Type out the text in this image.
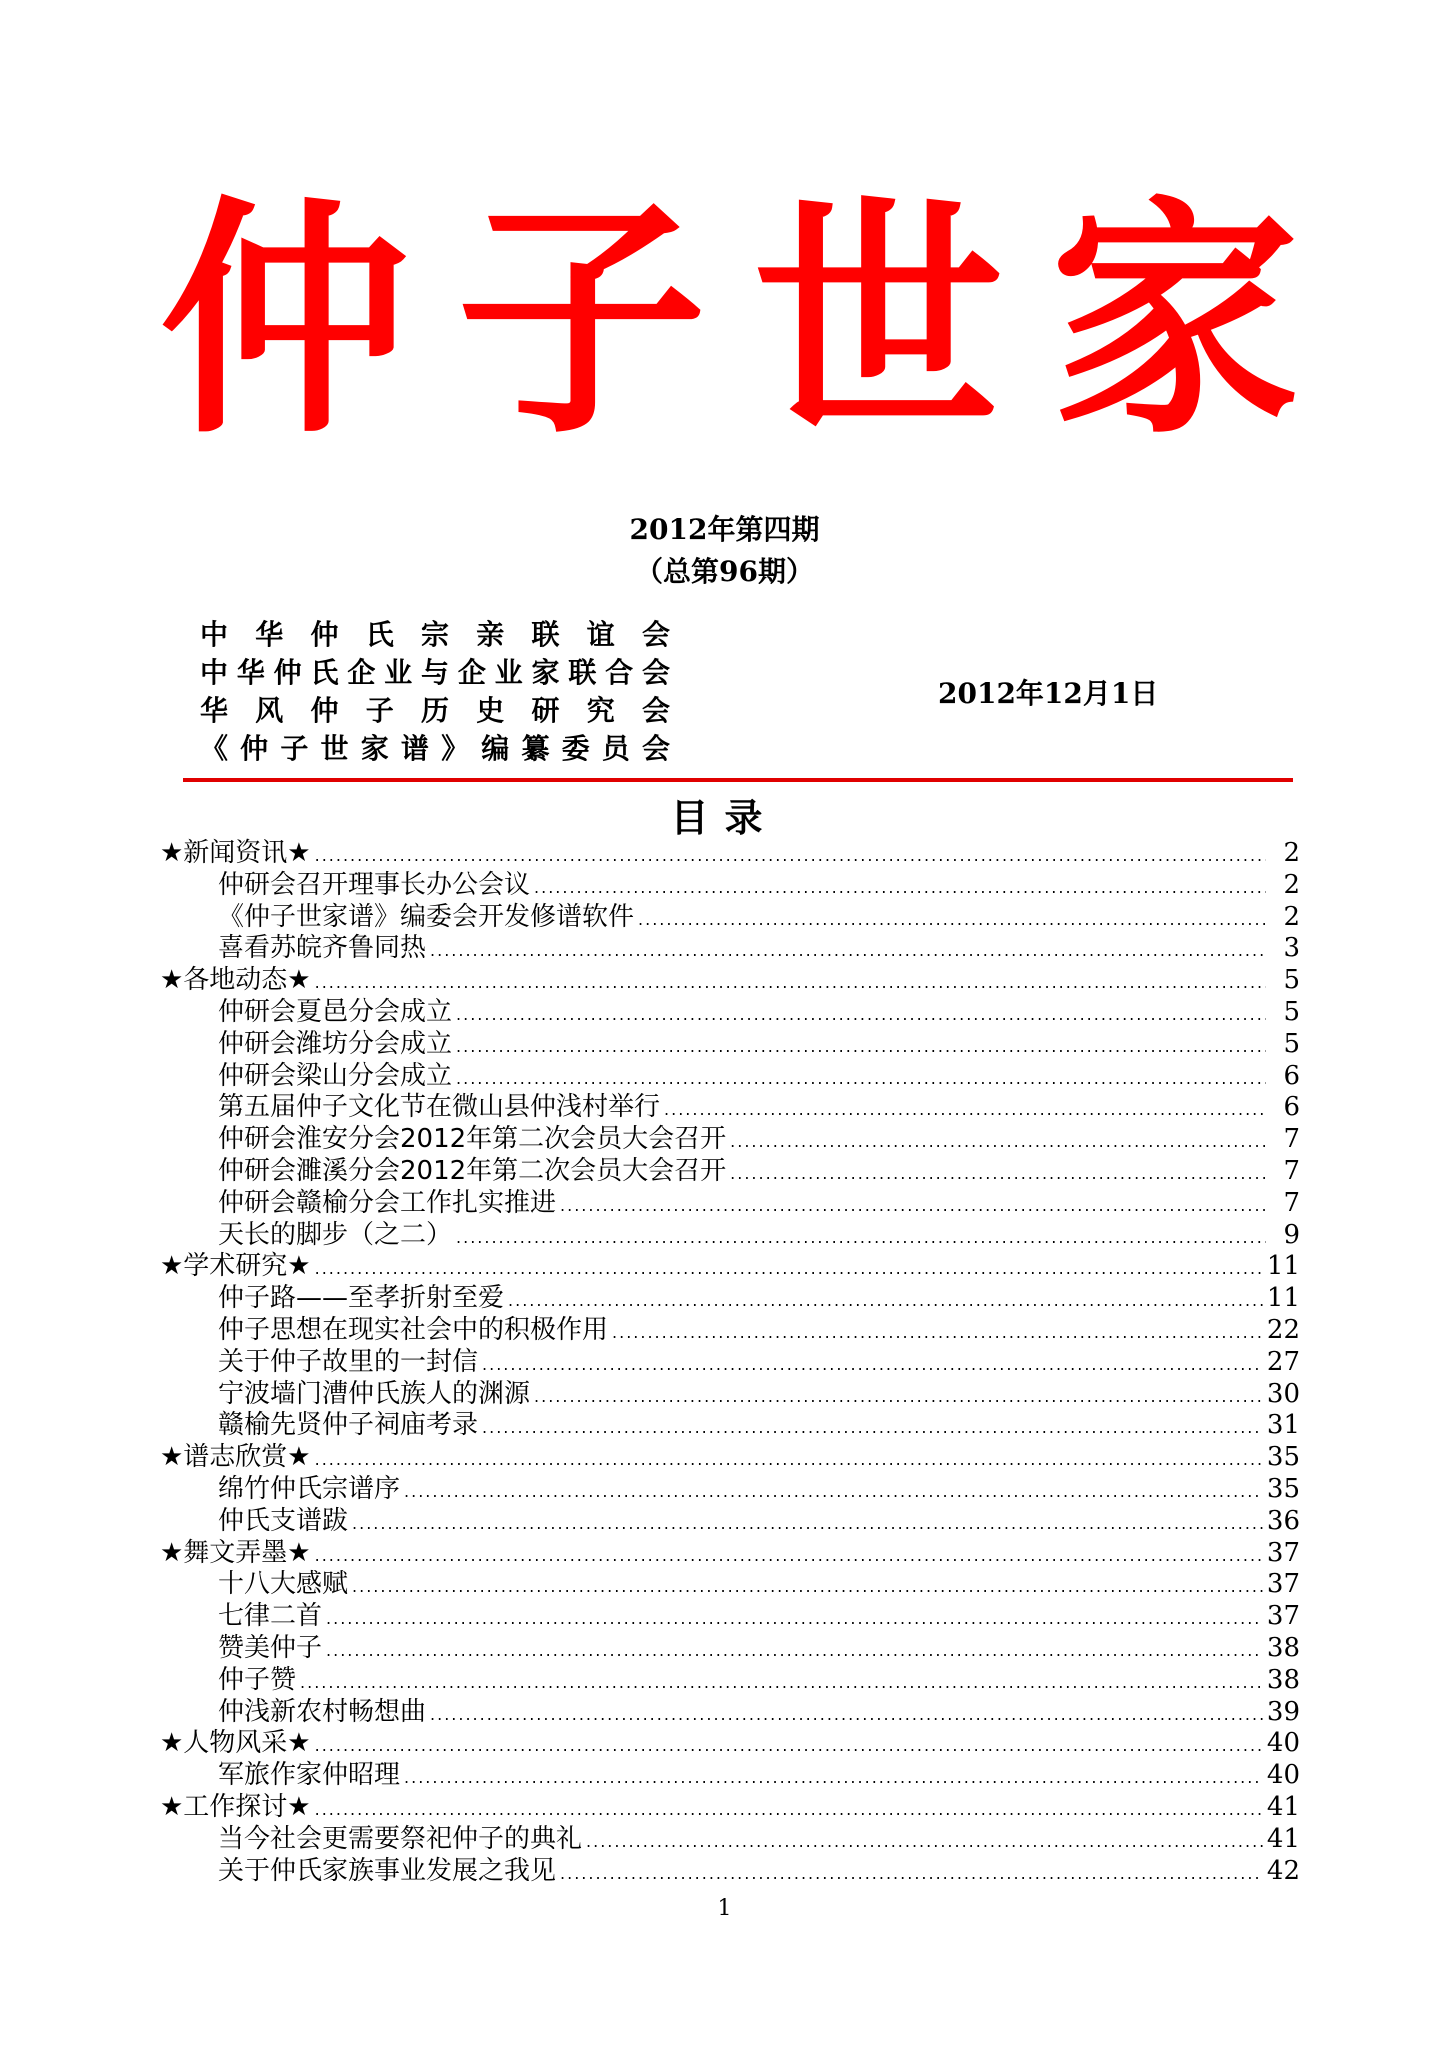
仲 子 世 家
2012年第四期
（总第96期）
中华仲氏宗亲联谊会
中华仲氏企业与企业家联合会
华风仲子历史研究会
《仲子世家谱》编纂委员会
2012年12月1日
目录
★新闻资讯★ .....	2
仲研会召开理事长办公会议 .....	2
《仲子世家谱》编委会开发修谱软件 .....	2
喜看苏皖齐鲁同热 .....	3
★各地动态★ .....	5
仲研会夏邑分会成立 .....	5
仲研会潍坊分会成立 .....	5
仲研会梁山分会成立 .....	6
第五届仲子文化节在微山县仲浅村举行 .....	6
仲研会淮安分会2012年第二次会员大会召开 .....	7
仲研会濉溪分会2012年第二次会员大会召开 .....	7
仲研会赣榆分会工作扎实推进 .....	7
天长的脚步（之二） .....	9
★学术研究★ .....	11
仲子路——至孝折射至爱 .....	11
仲子思想在现实社会中的积极作用 .....	22
关于仲子故里的一封信 .....	27
宁波墙门漕仲氏族人的渊源 .....	30
赣榆先贤仲子祠庙考录 .....	31
★谱志欣赏★ .....	35
绵竹仲氏宗谱序 .....	35
仲氏支谱跋 .....	36
★舞文弄墨★ .....	37
十八大感赋 .....	37
七律二首 .....	37
赞美仲子 .....	38
仲子赞 .....	38
仲浅新农村畅想曲 .....	39
★人物风采★ .....	40
军旅作家仲昭理 .....	40
★工作探讨★ .....	41
当今社会更需要祭祀仲子的典礼 .....	41
关于仲氏家族事业发展之我见 .....	42
1
